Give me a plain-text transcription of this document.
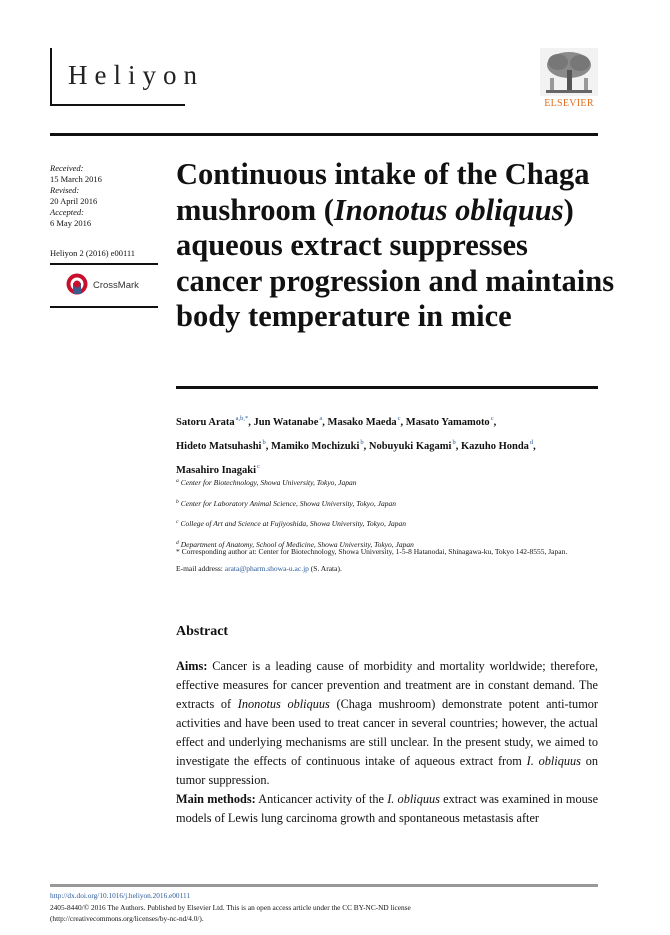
Heliyon
ELSEVIER
Received:
15 March 2016
Revised:
20 April 2016
Accepted:
6 May 2016
Heliyon 2 (2016) e00111
CrossMark
Continuous intake of the Chaga mushroom (Inonotus obliquus) aqueous extract suppresses cancer progression and maintains body temperature in mice
Satoru Arata$^{a,b,*}$, Jun Watanabe$^a$, Masako Maeda$^c$, Masato Yamamoto$^c$,
Hideto Matsuhashi$^b$, Mamiko Mochizuki$^b$, Nobuyuki Kagami$^b$, Kazuho Honda$^d$,
Masahiro Inagaki$^c$
$^a$ Center for Biotechnology, Showa University, Tokyo, Japan
$^b$ Center for Laboratory Animal Science, Showa University, Tokyo, Japan
$^c$ College of Art and Science at Fujiyoshida, Showa University, Tokyo, Japan
$^d$ Department of Anatomy, School of Medicine, Showa University, Tokyo, Japan
* Corresponding author at: Center for Biotechnology, Showa University, 1-5-8 Hatanodai, Shinagawa-ku, Tokyo 142-8555, Japan.
E-mail address: arata@pharm.showa-u.ac.jp (S. Arata).
Abstract

Aims: Cancer is a leading cause of morbidity and mortality worldwide; therefore, effective measures for cancer prevention and treatment are in constant demand. The extracts of Inonotus obliquus (Chaga mushroom) demonstrate potent anti-tumor activities and have been used to treat cancer in several countries; however, the actual effect and underlying mechanisms are still unclear. In the present study, we aimed to investigate the effects of continuous intake of aqueous extract from I. obliquus on tumor suppression.

Main methods: Anticancer activity of the I. obliquus extract was examined in mouse models of Lewis lung carcinoma growth and spontaneous metastasis after

http://dx.doi.org/10.1016/j.heliyon.2016.e00111
2405-8440/© 2016 The Authors. Published by Elsevier Ltd. This is an open access article under the CC BY-NC-ND license
(http://creativecommons.org/licenses/by-nc-nd/4.0/).
